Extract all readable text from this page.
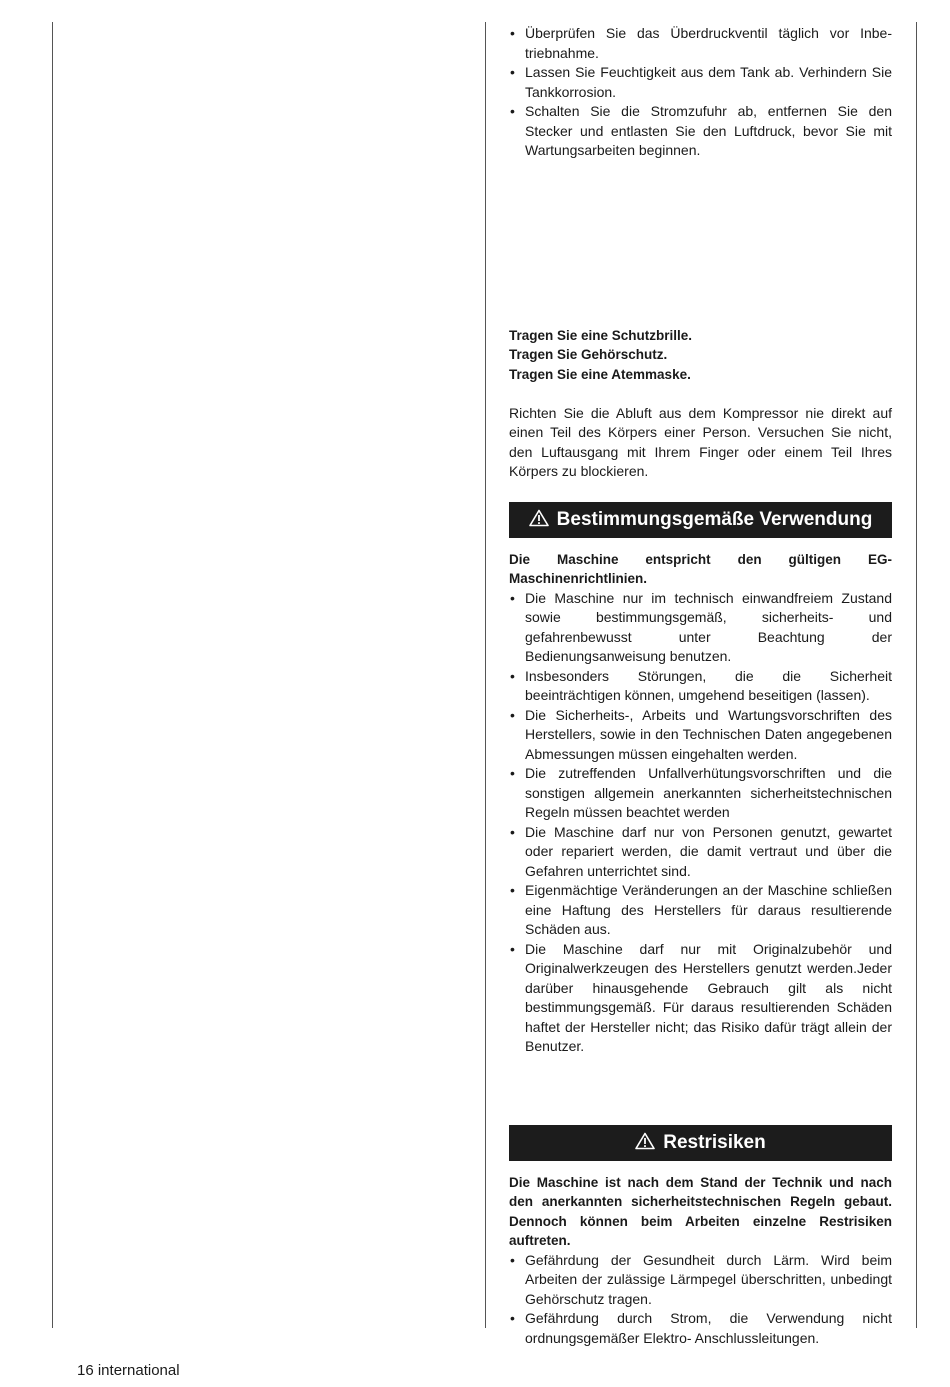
• Überprüfen Sie das Überdruckventil täglich vor Inbe-triebnahme.
• Lassen Sie Feuchtigkeit aus dem Tank ab. Verhindern Sie Tankkorrosion.
• Schalten Sie die Stromzufuhr ab, entfernen Sie den Stecker und entlasten Sie den Luftdruck, bevor Sie mit Wartungsarbeiten beginnen.

Tragen Sie eine Schutzbrille.

Tragen Sie Gehörschutz.

Tragen Sie eine Atemmaske.

Richten Sie die Abluft aus dem Kompressor nie direkt auf einen Teil des Körpers einer Person. Versuchen Sie nicht, den Luftausgang mit Ihrem Finger oder einem Teil Ihres Körpers zu blockieren.

Bestimmungsgemäße Verwendung

Die Maschine entspricht den gültigen EG-Maschinenrichtlinien.

• Die Maschine nur im technisch einwandfreiem Zustand sowie bestimmungsgemäß, sicherheits- und gefahrenbewusst unter Beachtung der Bedienungsanweisung benutzen.
• Insbesonders Störungen, die die Sicherheit beeinträchtigen können, umgehend beseitigen (lassen).
• Die Sicherheits-, Arbeits und Wartungsvorschriften des Herstellers, sowie in den Technischen Daten angegebenen Abmessungen müssen eingehalten werden.
• Die zutreffenden Unfallverhütungsvorschriften und die sonstigen allgemein anerkannten sicherheitstechnischen Regeln müssen beachtet werden
• Die Maschine darf nur von Personen genutzt, gewartet oder repariert werden, die damit vertraut und über die Gefahren unterrichtet sind.
• Eigenmächtige Veränderungen an der Maschine schließen eine Haftung des Herstellers für daraus resultierende Schäden aus.
• Die Maschine darf nur mit Originalzubehör und Originalwerkzeugen des Herstellers genutzt werden.Jeder darüber hinausgehende Gebrauch gilt als nicht bestimmungsgemäß. Für daraus resultierenden Schäden haftet der Hersteller nicht; das Risiko dafür trägt allein der Benutzer.
Restrisiken

Die Maschine ist nach dem Stand der Technik und nach den anerkannten sicherheitstechnischen Regeln gebaut. Dennoch können beim Arbeiten einzelne Restrisiken auftreten.

• Gefährdung der Gesundheit durch Lärm. Wird beim Arbeiten der zulässige Lärmpegel überschritten, unbedingt Gehörschutz tragen.
• Gefährdung durch Strom, die Verwendung nicht ordnungsgemäßer Elektro- Anschlussleitungen.
16 international
